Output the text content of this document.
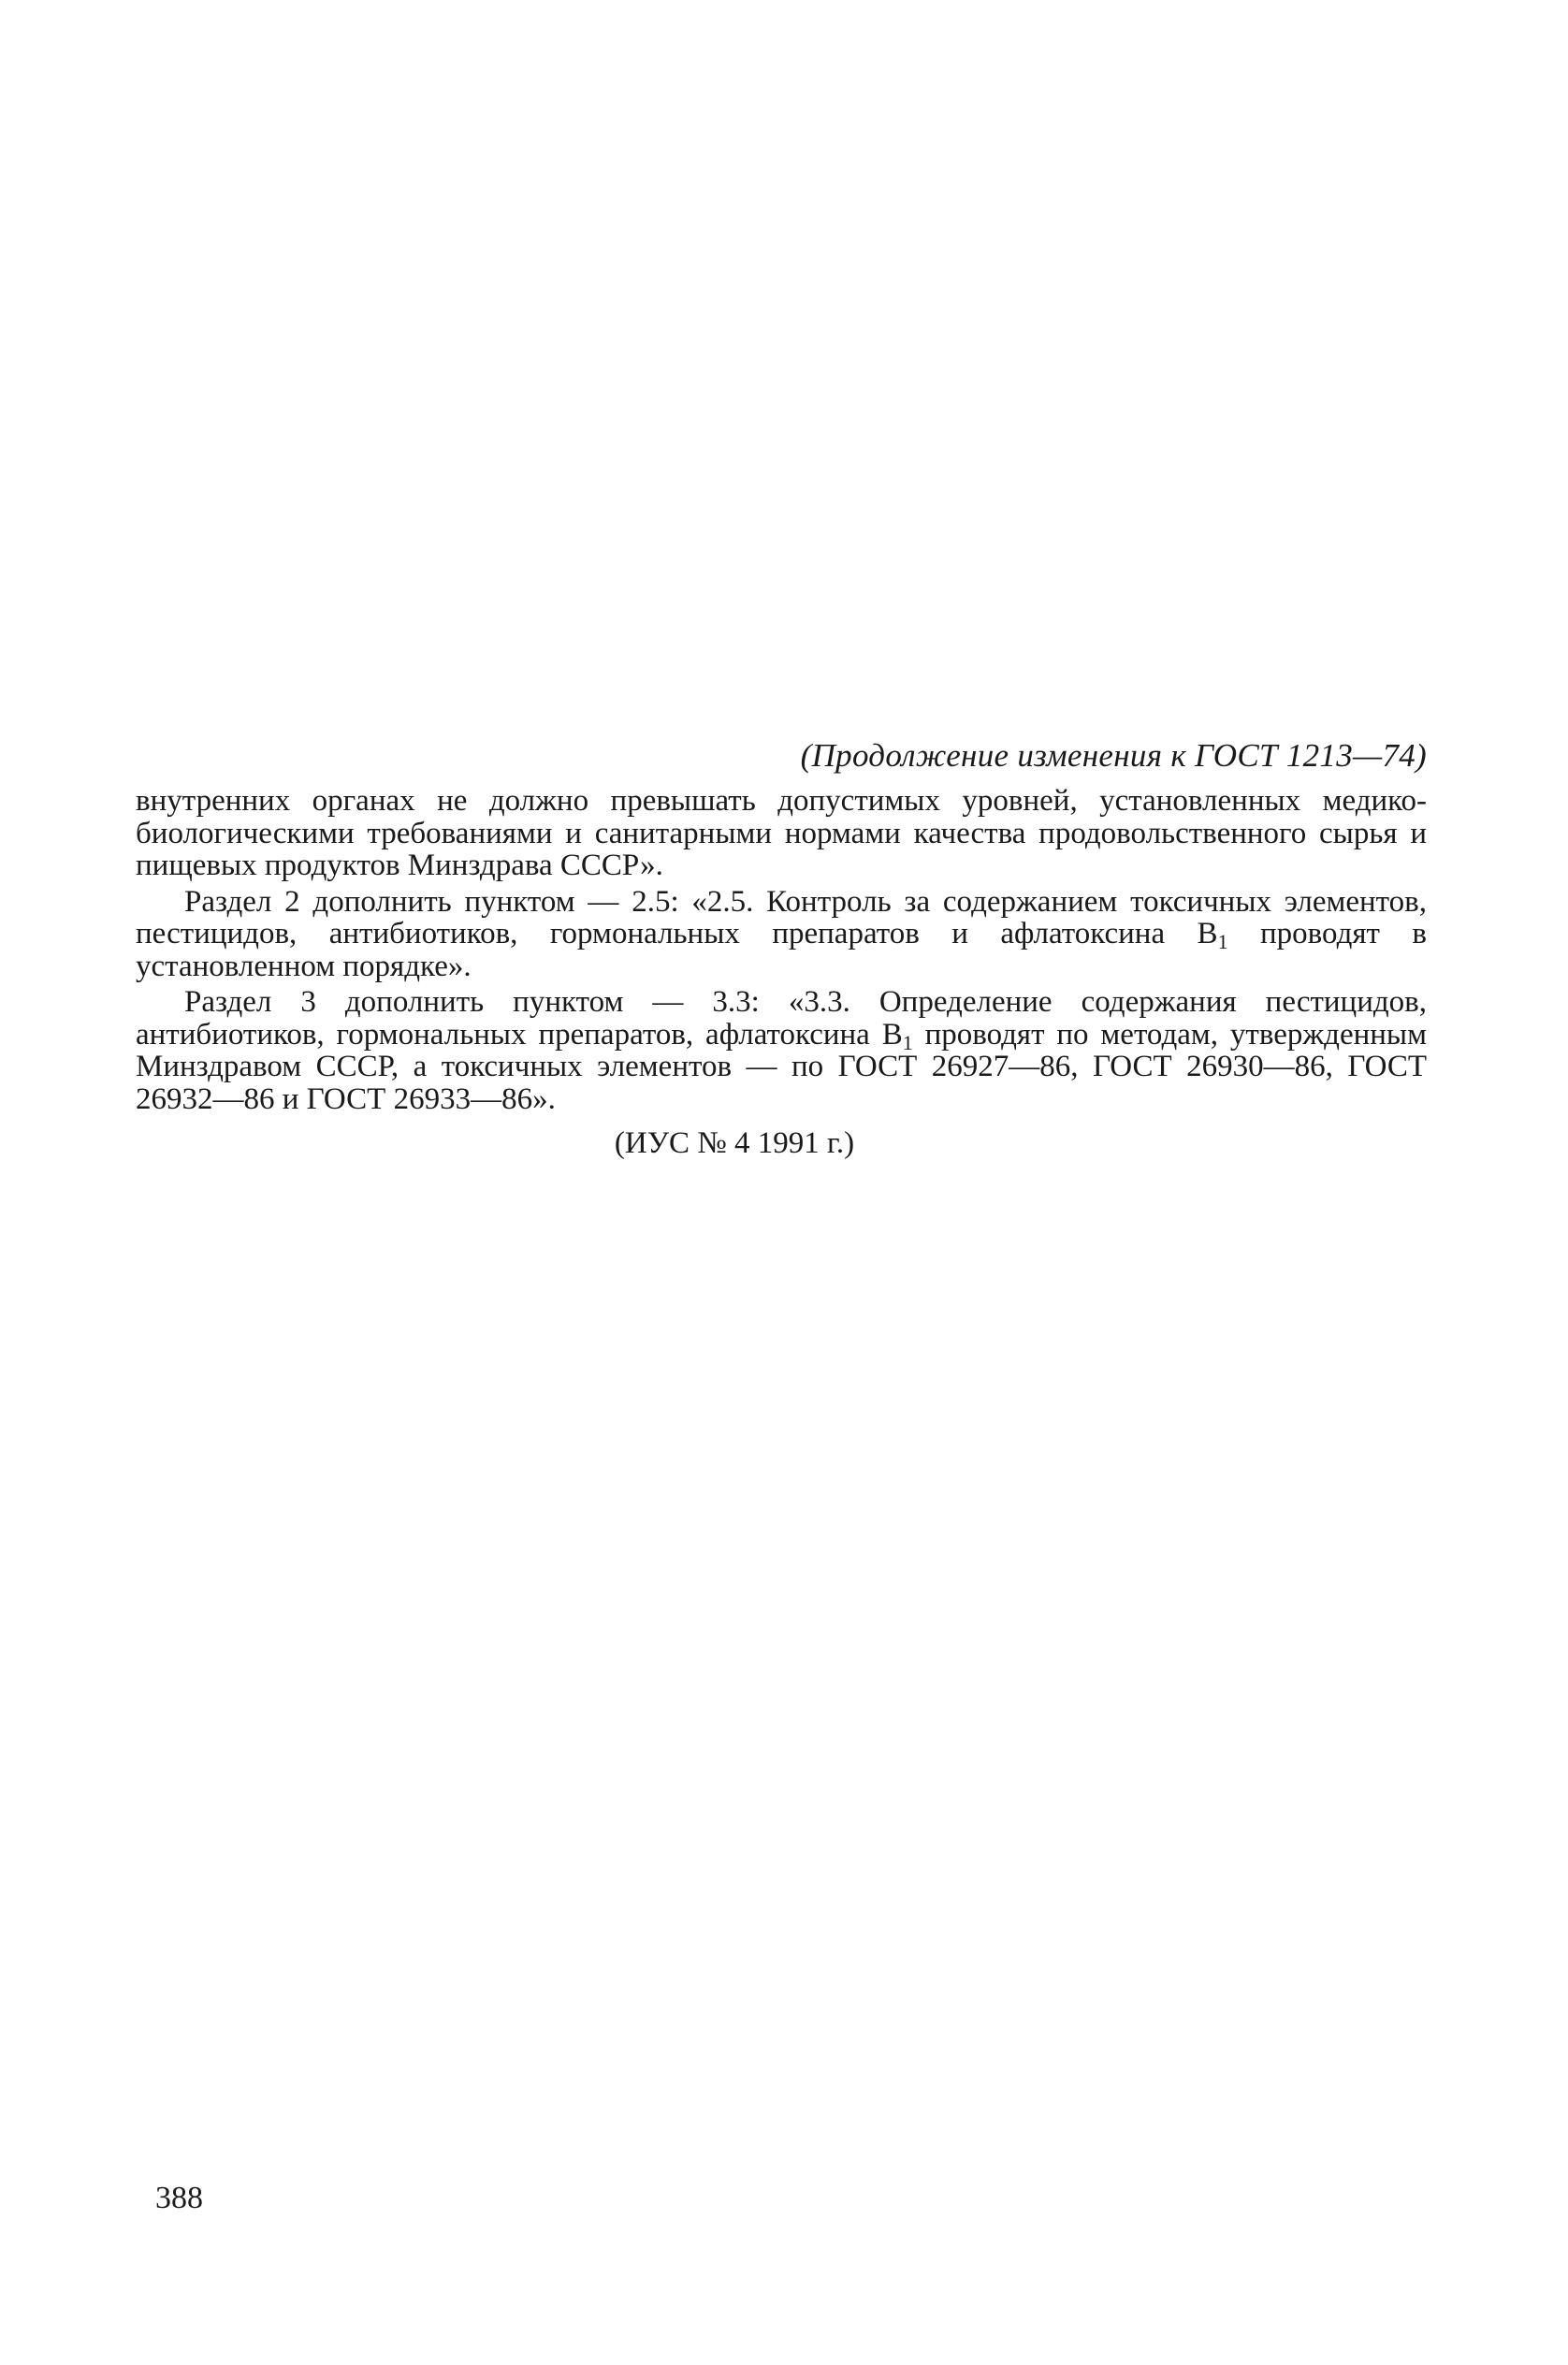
(Продолжение изменения к ГОСТ 1213—74)

внутренних органах не должно превышать допустимых уровней, установленных медико-биологическими требованиями и санитарными нормами качества продовольственного сырья и пищевых продуктов Минздрава СССР».

Раздел 2 дополнить пунктом — 2.5: «2.5. Контроль за содержанием токсичных элементов, пестицидов, антибиотиков, гормональных препаратов и афлатоксина $B_1$ проводят в установленном порядке».

Раздел 3 дополнить пунктом — 3.3: «3.3. Определение содержания пестицидов, антибиотиков, гормональных препаратов, афлатоксина $B_1$ проводят по методам, утвержденным Минздравом СССР, а токсичных элементов — по ГОСТ 26927—86, ГОСТ 26930—86, ГОСТ 26932—86 и ГОСТ 26933—86».

(ИУС № 4 1991 г.)

388
